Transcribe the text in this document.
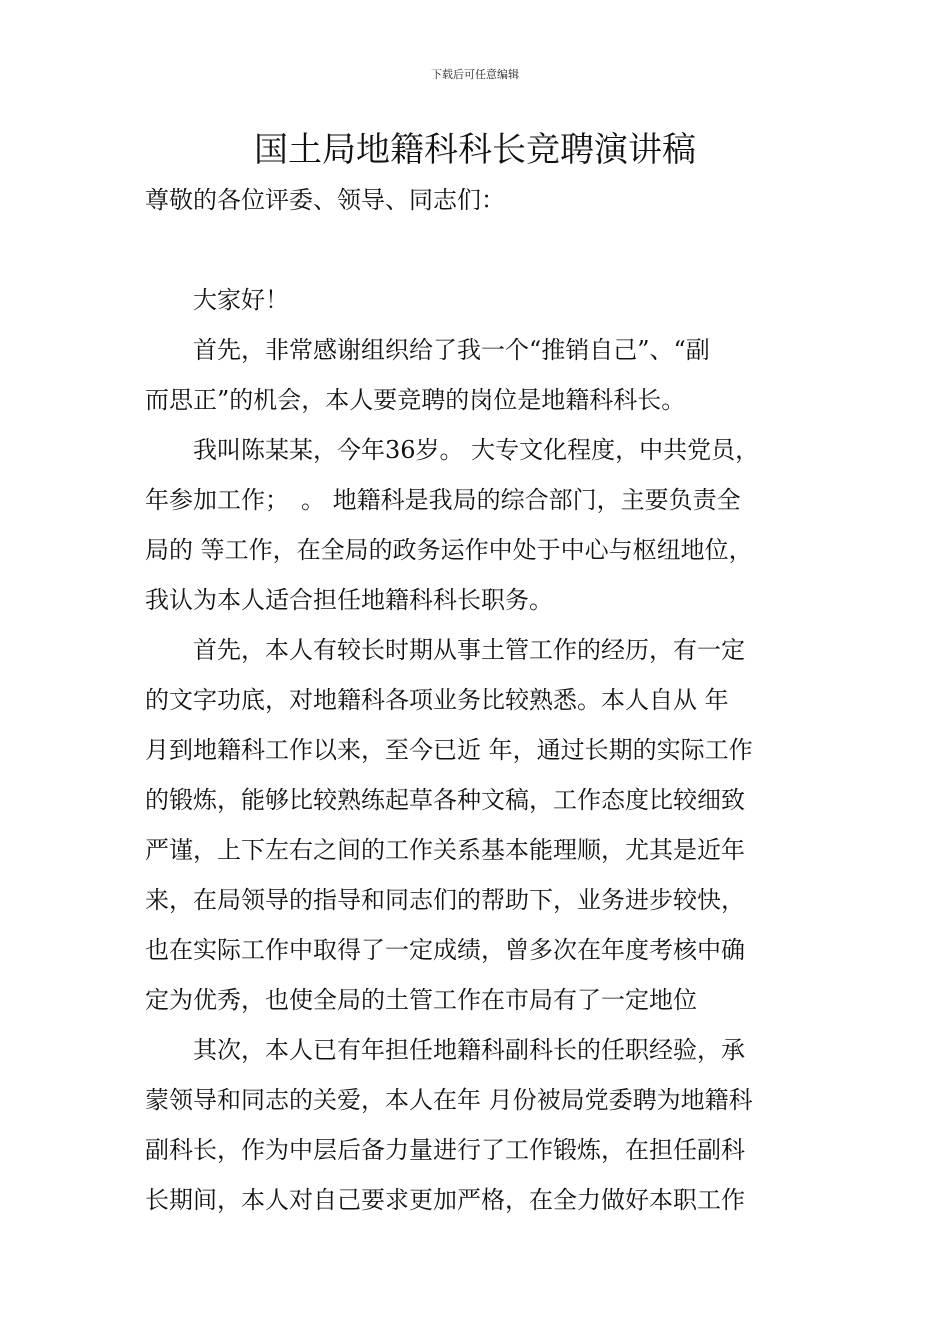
下载后可任意编辑
国土局地籍科科长竞聘演讲稿
尊敬的各位评委、领导、同志们：
　　大家好！
　　首先，非常感谢组织给了我一个“推销自己”、“副
而思正”的机会，本人要竞聘的岗位是地籍科科长。
　　我叫陈某某，今年36岁。 大专文化程度，中共党员，
年参加工作；　。 地籍科是我局的综合部门，主要负责全
局的 等工作，在全局的政务运作中处于中心与枢纽地位，
我认为本人适合担任地籍科科长职务。
　　首先，本人有较长时期从事土管工作的经历，有一定
的文字功底，对地籍科各项业务比较熟悉。本人自从 年
月到地籍科工作以来，至今已近 年，通过长期的实际工作
的锻炼，能够比较熟练起草各种文稿，工作态度比较细致
严谨，上下左右之间的工作关系基本能理顺，尤其是近年
来，在局领导的指导和同志们的帮助下，业务进步较快，
也在实际工作中取得了一定成绩，曾多次在年度考核中确
定为优秀，也使全局的土管工作在市局有了一定地位
　　其次，本人已有年担任地籍科副科长的任职经验，承
蒙领导和同志的关爱，本人在年 月份被局党委聘为地籍科
副科长，作为中层后备力量进行了工作锻炼，在担任副科
长期间，本人对自己要求更加严格，在全力做好本职工作
